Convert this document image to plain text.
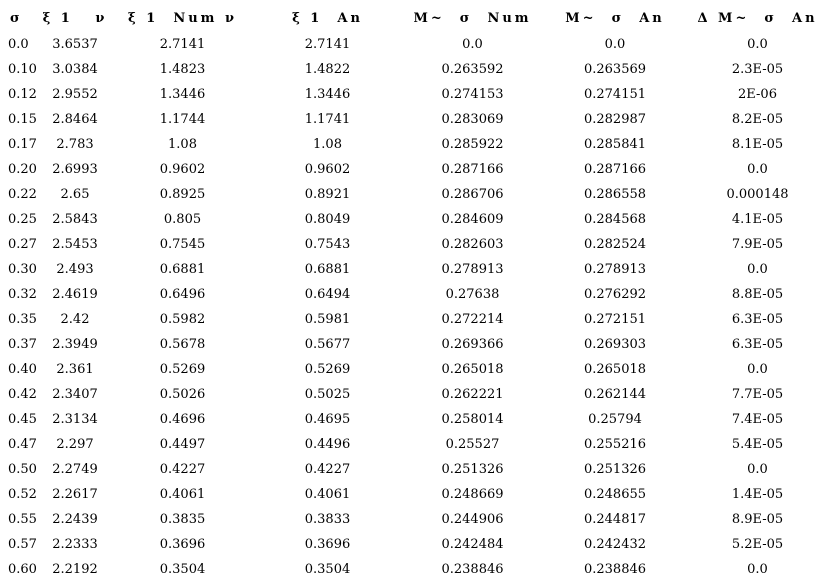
σ	ξ 1   ν	ξ 1  Num ν	ξ 1  An	M~  σ  Num	M~  σ  An	Δ M~  σ  An
0.0	3.6537	2.7141	2.7141	0.0	0.0	0.0
0.10	3.0384	1.4823	1.4822	0.263592	0.263569	2.3E-05
0.12	2.9552	1.3446	1.3446	0.274153	0.274151	2E-06
0.15	2.8464	1.1744	1.1741	0.283069	0.282987	8.2E-05
0.17	2.783	1.08	1.08	0.285922	0.285841	8.1E-05
0.20	2.6993	0.9602	0.9602	0.287166	0.287166	0.0
0.22	2.65	0.8925	0.8921	0.286706	0.286558	0.000148
0.25	2.5843	0.805	0.8049	0.284609	0.284568	4.1E-05
0.27	2.5453	0.7545	0.7543	0.282603	0.282524	7.9E-05
0.30	2.493	0.6881	0.6881	0.278913	0.278913	0.0
0.32	2.4619	0.6496	0.6494	0.27638	0.276292	8.8E-05
0.35	2.42	0.5982	0.5981	0.272214	0.272151	6.3E-05
0.37	2.3949	0.5678	0.5677	0.269366	0.269303	6.3E-05
0.40	2.361	0.5269	0.5269	0.265018	0.265018	0.0
0.42	2.3407	0.5026	0.5025	0.262221	0.262144	7.7E-05
0.45	2.3134	0.4696	0.4695	0.258014	0.25794	7.4E-05
0.47	2.297	0.4497	0.4496	0.25527	0.255216	5.4E-05
0.50	2.2749	0.4227	0.4227	0.251326	0.251326	0.0
0.52	2.2617	0.4061	0.4061	0.248669	0.248655	1.4E-05
0.55	2.2439	0.3835	0.3833	0.244906	0.244817	8.9E-05
0.57	2.2333	0.3696	0.3696	0.242484	0.242432	5.2E-05
0.60	2.2192	0.3504	0.3504	0.238846	0.238846	0.0
